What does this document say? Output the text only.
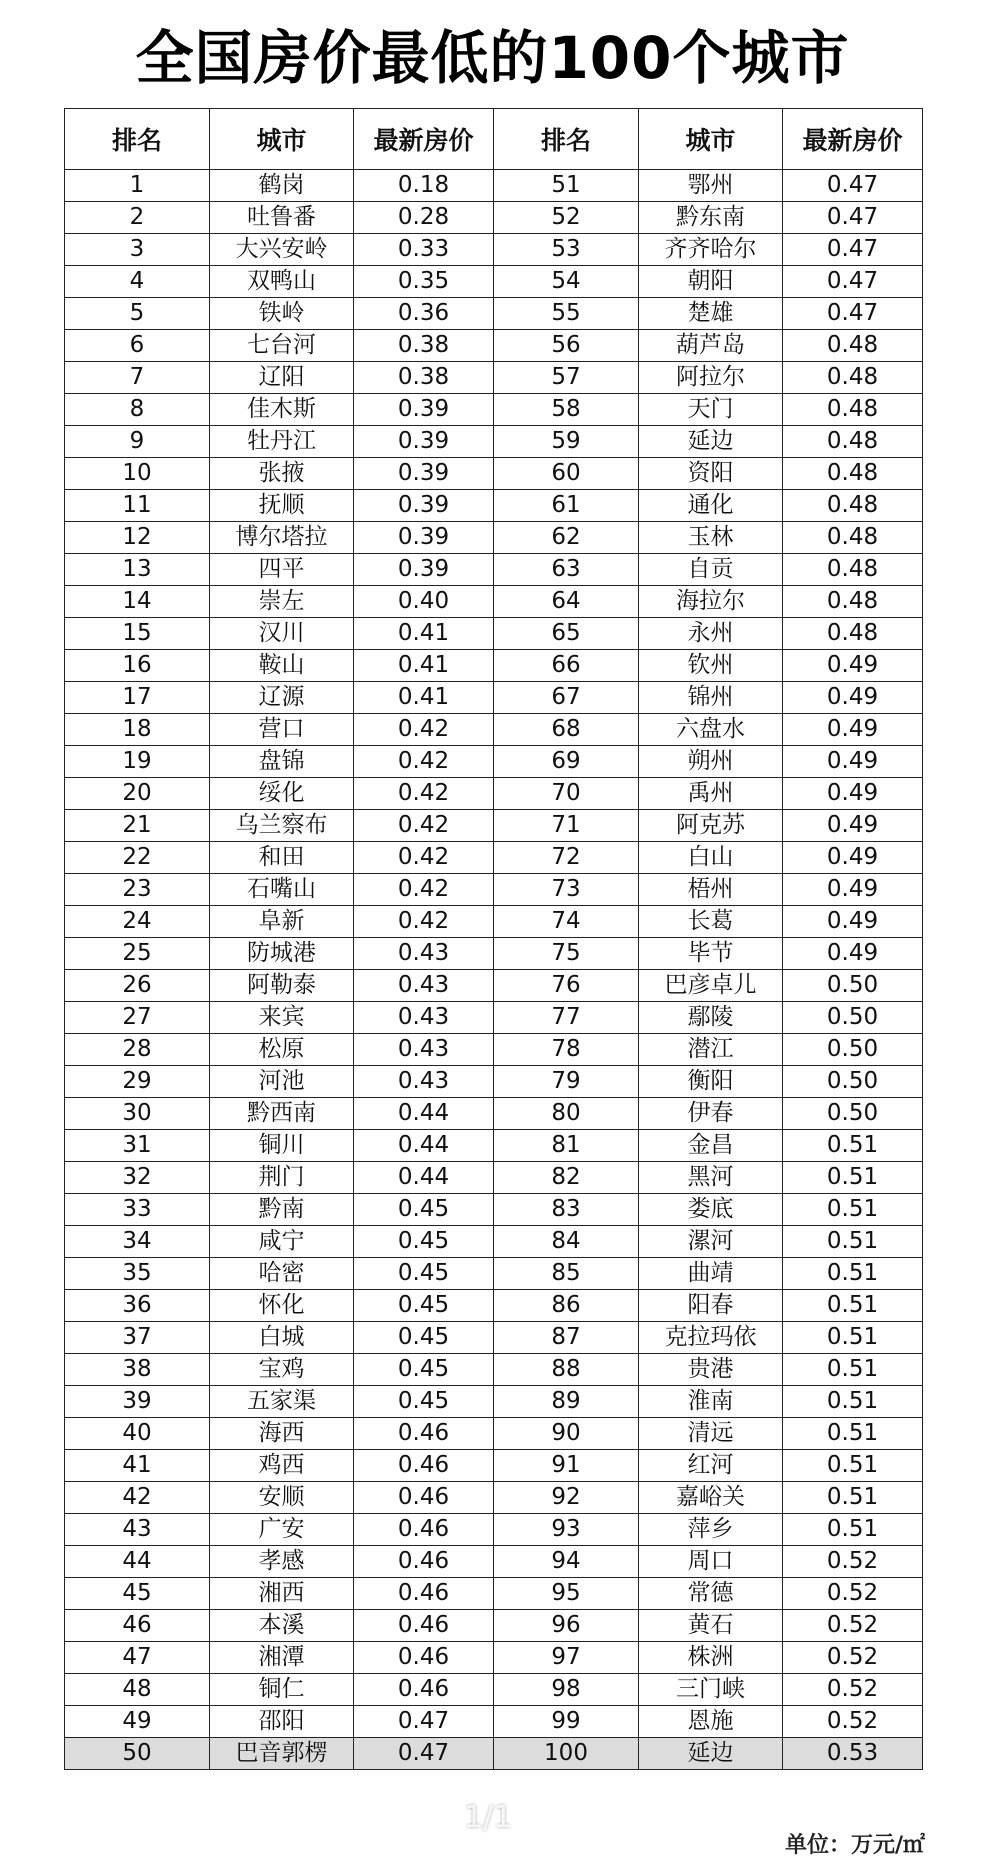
全国房价最低的100个城市
排名	城市	最新房价	排名	城市	最新房价
1	鹤岗	0.18	51	鄂州	0.47
2	吐鲁番	0.28	52	黔东南	0.47
3	大兴安岭	0.33	53	齐齐哈尔	0.47
4	双鸭山	0.35	54	朝阳	0.47
5	铁岭	0.36	55	楚雄	0.47
6	七台河	0.38	56	葫芦岛	0.48
7	辽阳	0.38	57	阿拉尔	0.48
8	佳木斯	0.39	58	天门	0.48
9	牡丹江	0.39	59	延边	0.48
10	张掖	0.39	60	资阳	0.48
11	抚顺	0.39	61	通化	0.48
12	博尔塔拉	0.39	62	玉林	0.48
13	四平	0.39	63	自贡	0.48
14	崇左	0.40	64	海拉尔	0.48
15	汉川	0.41	65	永州	0.48
16	鞍山	0.41	66	钦州	0.49
17	辽源	0.41	67	锦州	0.49
18	营口	0.42	68	六盘水	0.49
19	盘锦	0.42	69	朔州	0.49
20	绥化	0.42	70	禹州	0.49
21	乌兰察布	0.42	71	阿克苏	0.49
22	和田	0.42	72	白山	0.49
23	石嘴山	0.42	73	梧州	0.49
24	阜新	0.42	74	长葛	0.49
25	防城港	0.43	75	毕节	0.49
26	阿勒泰	0.43	76	巴彦卓儿	0.50
27	来宾	0.43	77	鄢陵	0.50
28	松原	0.43	78	潜江	0.50
29	河池	0.43	79	衡阳	0.50
30	黔西南	0.44	80	伊春	0.50
31	铜川	0.44	81	金昌	0.51
32	荆门	0.44	82	黑河	0.51
33	黔南	0.45	83	娄底	0.51
34	咸宁	0.45	84	漯河	0.51
35	哈密	0.45	85	曲靖	0.51
36	怀化	0.45	86	阳春	0.51
37	白城	0.45	87	克拉玛依	0.51
38	宝鸡	0.45	88	贵港	0.51
39	五家渠	0.45	89	淮南	0.51
40	海西	0.46	90	清远	0.51
41	鸡西	0.46	91	红河	0.51
42	安顺	0.46	92	嘉峪关	0.51
43	广安	0.46	93	萍乡	0.51
44	孝感	0.46	94	周口	0.52
45	湘西	0.46	95	常德	0.52
46	本溪	0.46	96	黄石	0.52
47	湘潭	0.46	97	株洲	0.52
48	铜仁	0.46	98	三门峡	0.52
49	邵阳	0.47	99	恩施	0.52
50	巴音郭楞	0.47	100	延边	0.53
1/1
单位：万元/㎡
